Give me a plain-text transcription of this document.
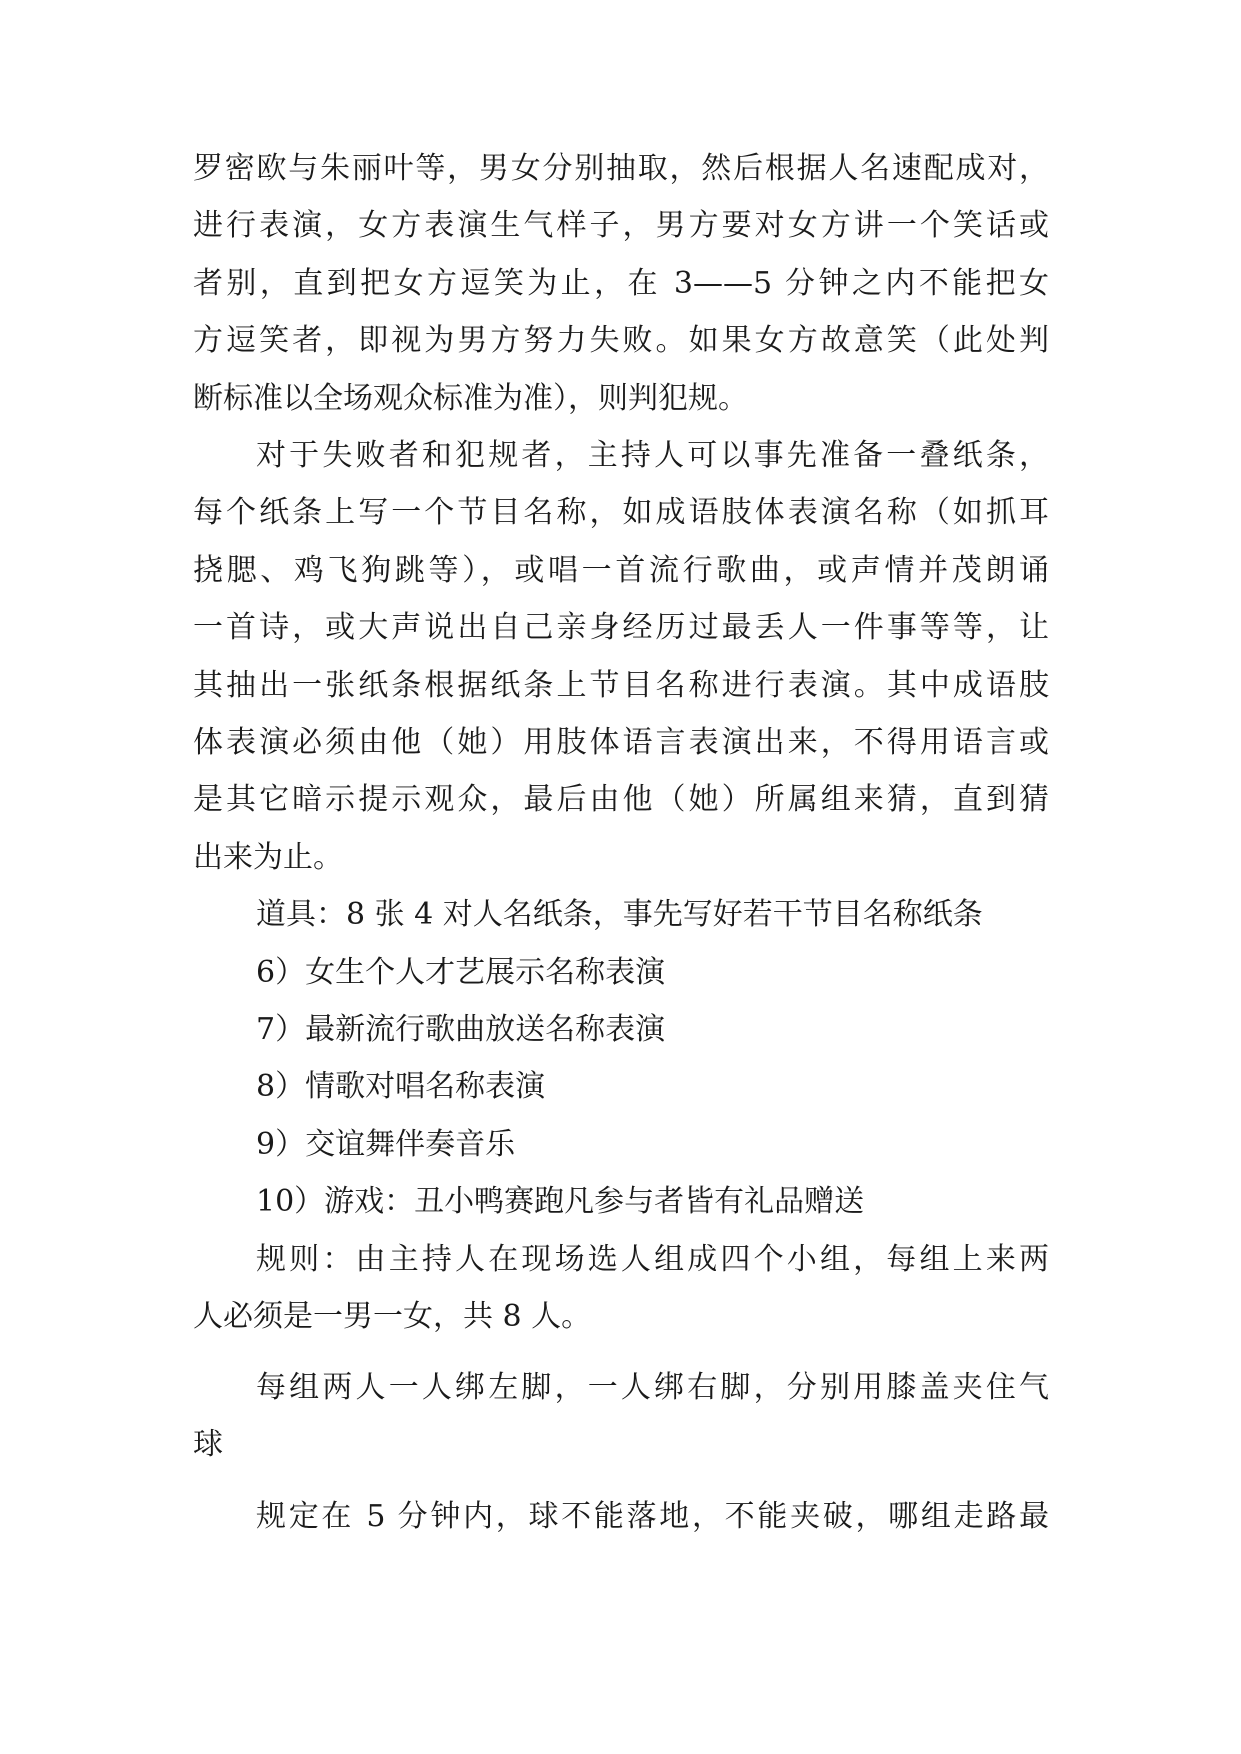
罗密欧与朱丽叶等，男女分别抽取，然后根据人名速配成对，
进行表演，女方表演生气样子，男方要对女方讲一个笑话或
者别，直到把女方逗笑为止，在 3——5 分钟之内不能把女
方逗笑者，即视为男方努力失败。如果女方故意笑（此处判
断标准以全场观众标准为准），则判犯规。
对于失败者和犯规者，主持人可以事先准备一叠纸条，
每个纸条上写一个节目名称，如成语肢体表演名称（如抓耳
挠腮、鸡飞狗跳等），或唱一首流行歌曲，或声情并茂朗诵
一首诗，或大声说出自己亲身经历过最丢人一件事等等，让
其抽出一张纸条根据纸条上节目名称进行表演。其中成语肢
体表演必须由他（她）用肢体语言表演出来，不得用语言或
是其它暗示提示观众，最后由他（她）所属组来猜，直到猜
出来为止。
道具：8 张 4 对人名纸条，事先写好若干节目名称纸条
6）女生个人才艺展示名称表演
7）最新流行歌曲放送名称表演
8）情歌对唱名称表演
9）交谊舞伴奏音乐
10）游戏：丑小鸭赛跑凡参与者皆有礼品赠送
规则：由主持人在现场选人组成四个小组，每组上来两
人必须是一男一女，共 8 人。
每组两人一人绑左脚，一人绑右脚，分别用膝盖夹住气
球
规定在 5 分钟内，球不能落地，不能夹破，哪组走路最
